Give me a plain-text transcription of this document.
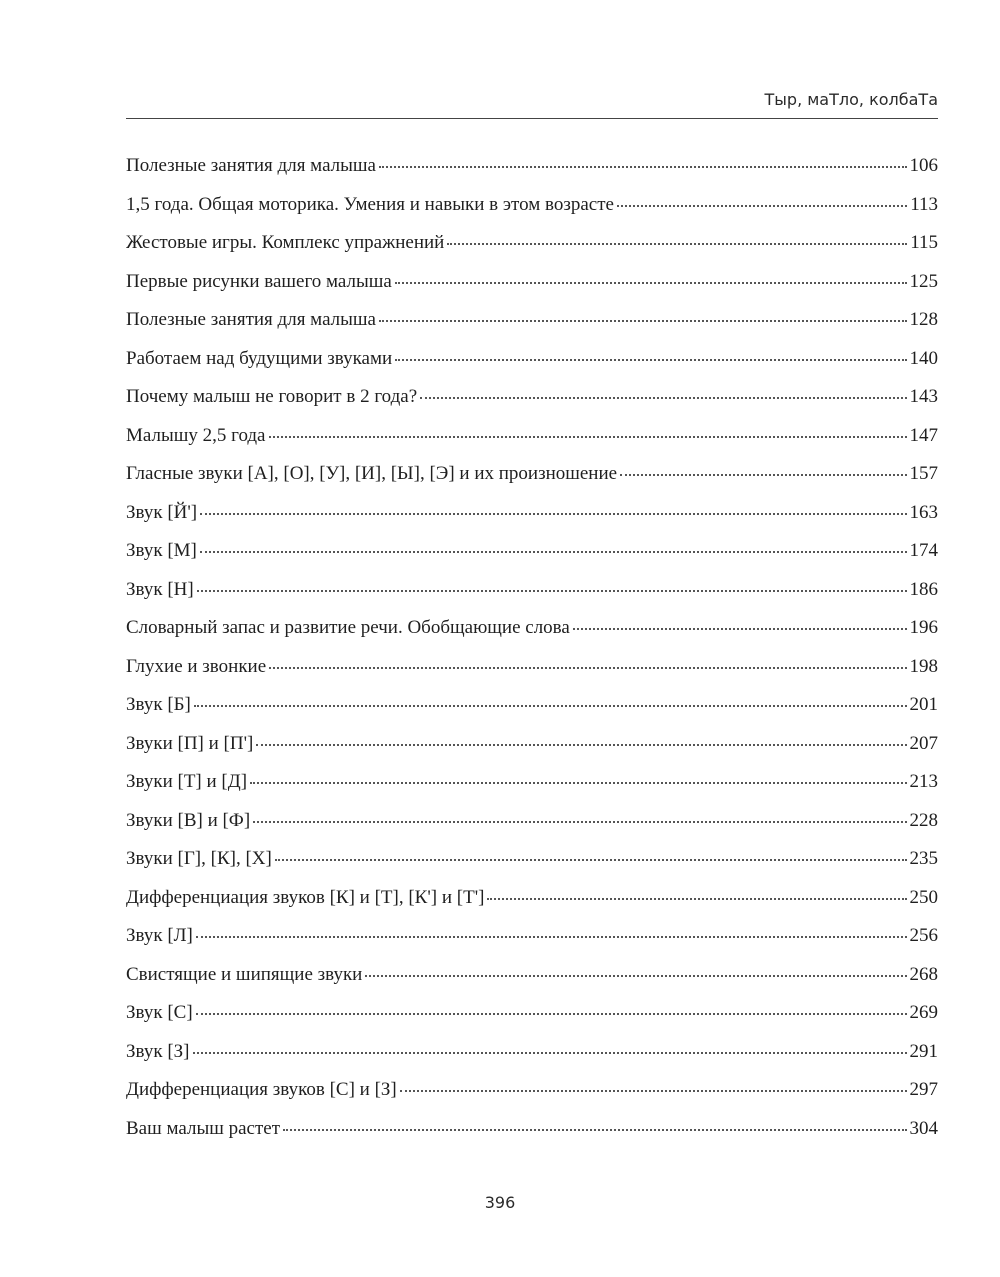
Тыр, маТло, колбаТа
Полезные занятия для малыша	106
1,5 года. Общая моторика. Умения и навыки в этом возрасте	113
Жестовые игры. Комплекс упражнений	115
Первые рисунки вашего малыша	125
Полезные занятия для малыша	128
Работаем над будущими звуками	140
Почему малыш не говорит в 2 года?	143
Малышу 2,5 года	147
Гласные звуки [А], [О], [У], [И], [Ы], [Э] и их произношение	157
Звук [Й']	163
Звук [М]	174
Звук [Н]	186
Словарный запас и развитие речи. Обобщающие слова	196
Глухие и звонкие	198
Звук [Б]	201
Звуки [П] и [П']	207
Звуки [Т] и [Д]	213
Звуки [В] и [Ф]	228
Звуки [Г], [К], [Х]	235
Дифференциация звуков [К] и [Т], [К'] и [Т']	250
Звук [Л]	256
Свистящие и шипящие звуки	268
Звук [С]	269
Звук [З]	291
Дифференциация звуков [С] и [З]	297
Ваш малыш растет	304
396
